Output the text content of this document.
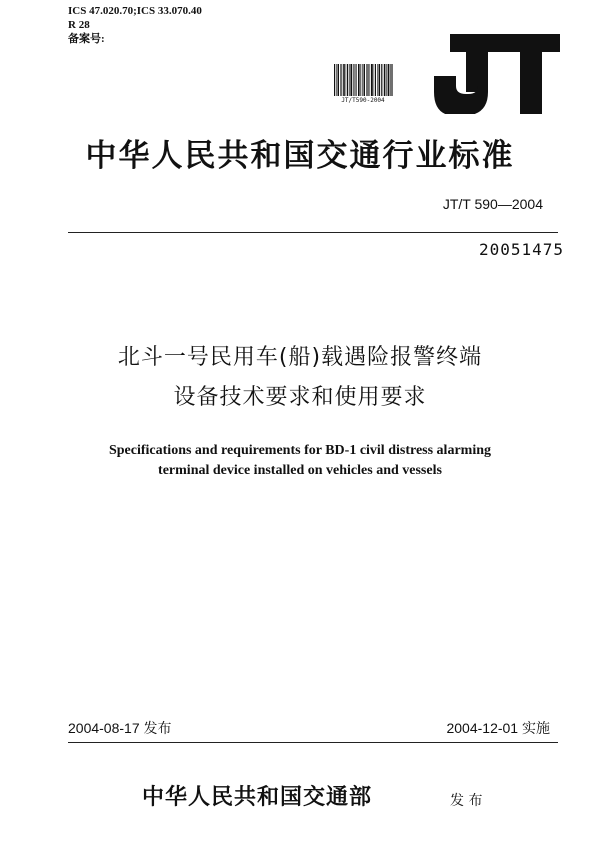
ICS 47.020.70;ICS 33.070.40
R 28
备案号:
JT/T590-2004
中华人民共和国交通行业标准
JT/T 590—2004
20051475
北斗一号民用车(船)载遇险报警终端
设备技术要求和使用要求
Specifications and requirements for BD-1 civil distress alarming
terminal device installed on vehicles and vessels
2004-08-17 发布	2004-12-01 实施
中华人民共和国交通部	发 布
